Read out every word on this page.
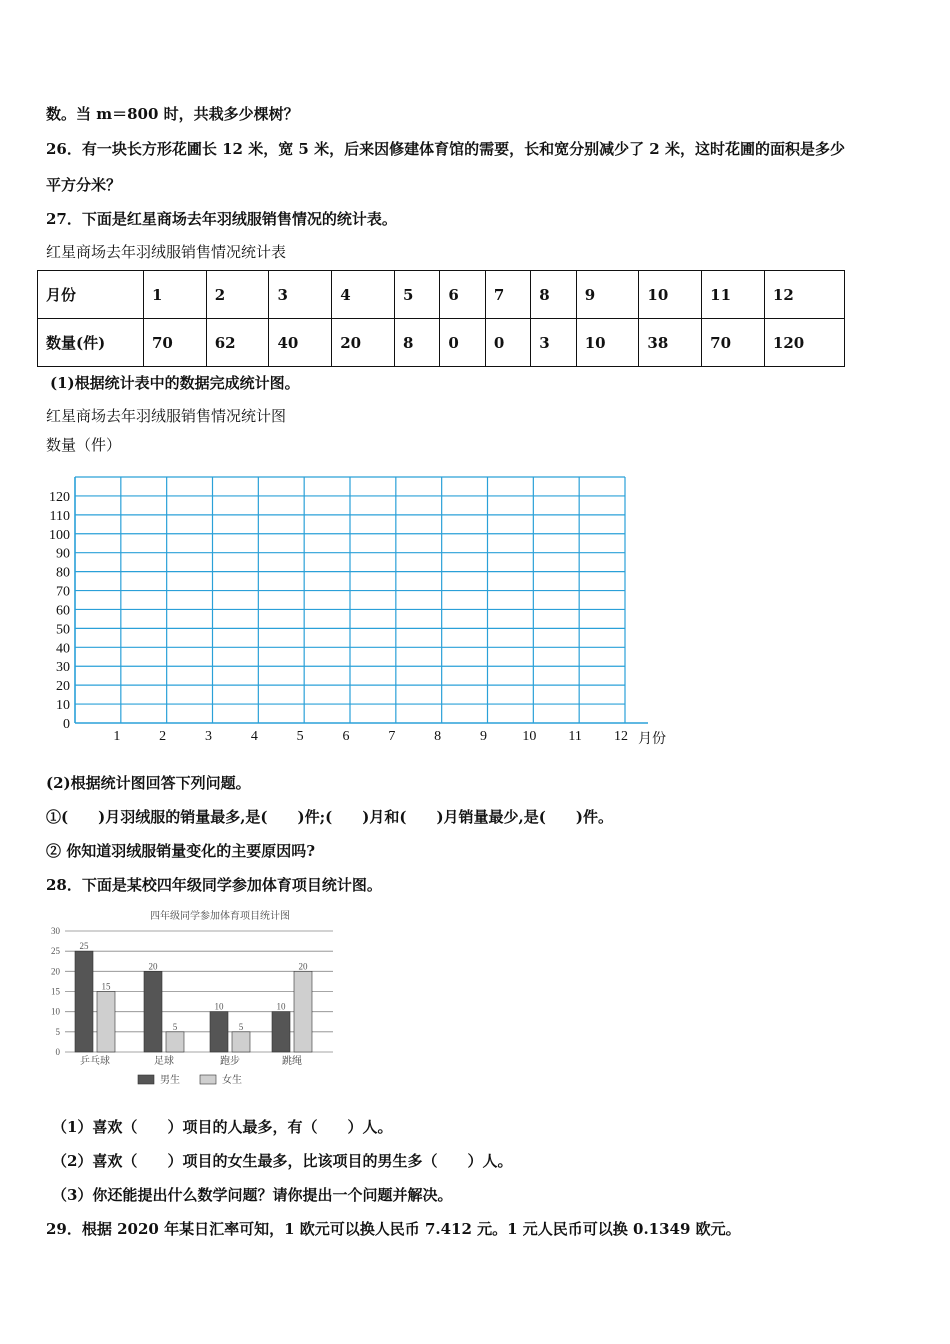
数。当 m＝800 时，共栽多少棵树？
26．有一块长方形花圃长 12 米，宽 5 米，后来因修建体育馆的需要，长和宽分别减少了 2 米，这时花圃的面积是多少
平方分米？
27．下面是红星商场去年羽绒服销售情况的统计表。
红星商场去年羽绒服销售情况统计表
月份	1	2	3	4	5	6	7	8	9	10	11	12
数量(件)	70	62	40	20	8	0	0	3	10	38	70	120
(1)根据统计表中的数据完成统计图。
红星商场去年羽绒服销售情况统计图
数量（件）
0
10
20
30
40
50
60
70
80
90
100
110
120
1	2	3	4	5	6	7	8	9	10 11 12 月份
(2)根据统计图回答下列问题。
①(　　)月羽绒服的销量最多,是(　　)件;(　　)月和(　　)月销量最少,是(　　)件。
② 你知道羽绒服销量变化的主要原因吗?
28．下面是某校四年级同学参加体育项目统计图。
四年级同学参加体育项目统计图
0
5
10
15
20
25
30
25
15
乒乓球
20
5
足球
10
5
跑步
10
20
跳绳
男生	女生
（1）喜欢（　　）项目的人最多，有（　　）人。
（2）喜欢（　　）项目的女生最多，比该项目的男生多（　　）人。
（3）你还能提出什么数学问题？请你提出一个问题并解决。
29．根据 2020 年某日汇率可知，1 欧元可以换人民币 7.412 元。1 元人民币可以换 0.1349 欧元。
